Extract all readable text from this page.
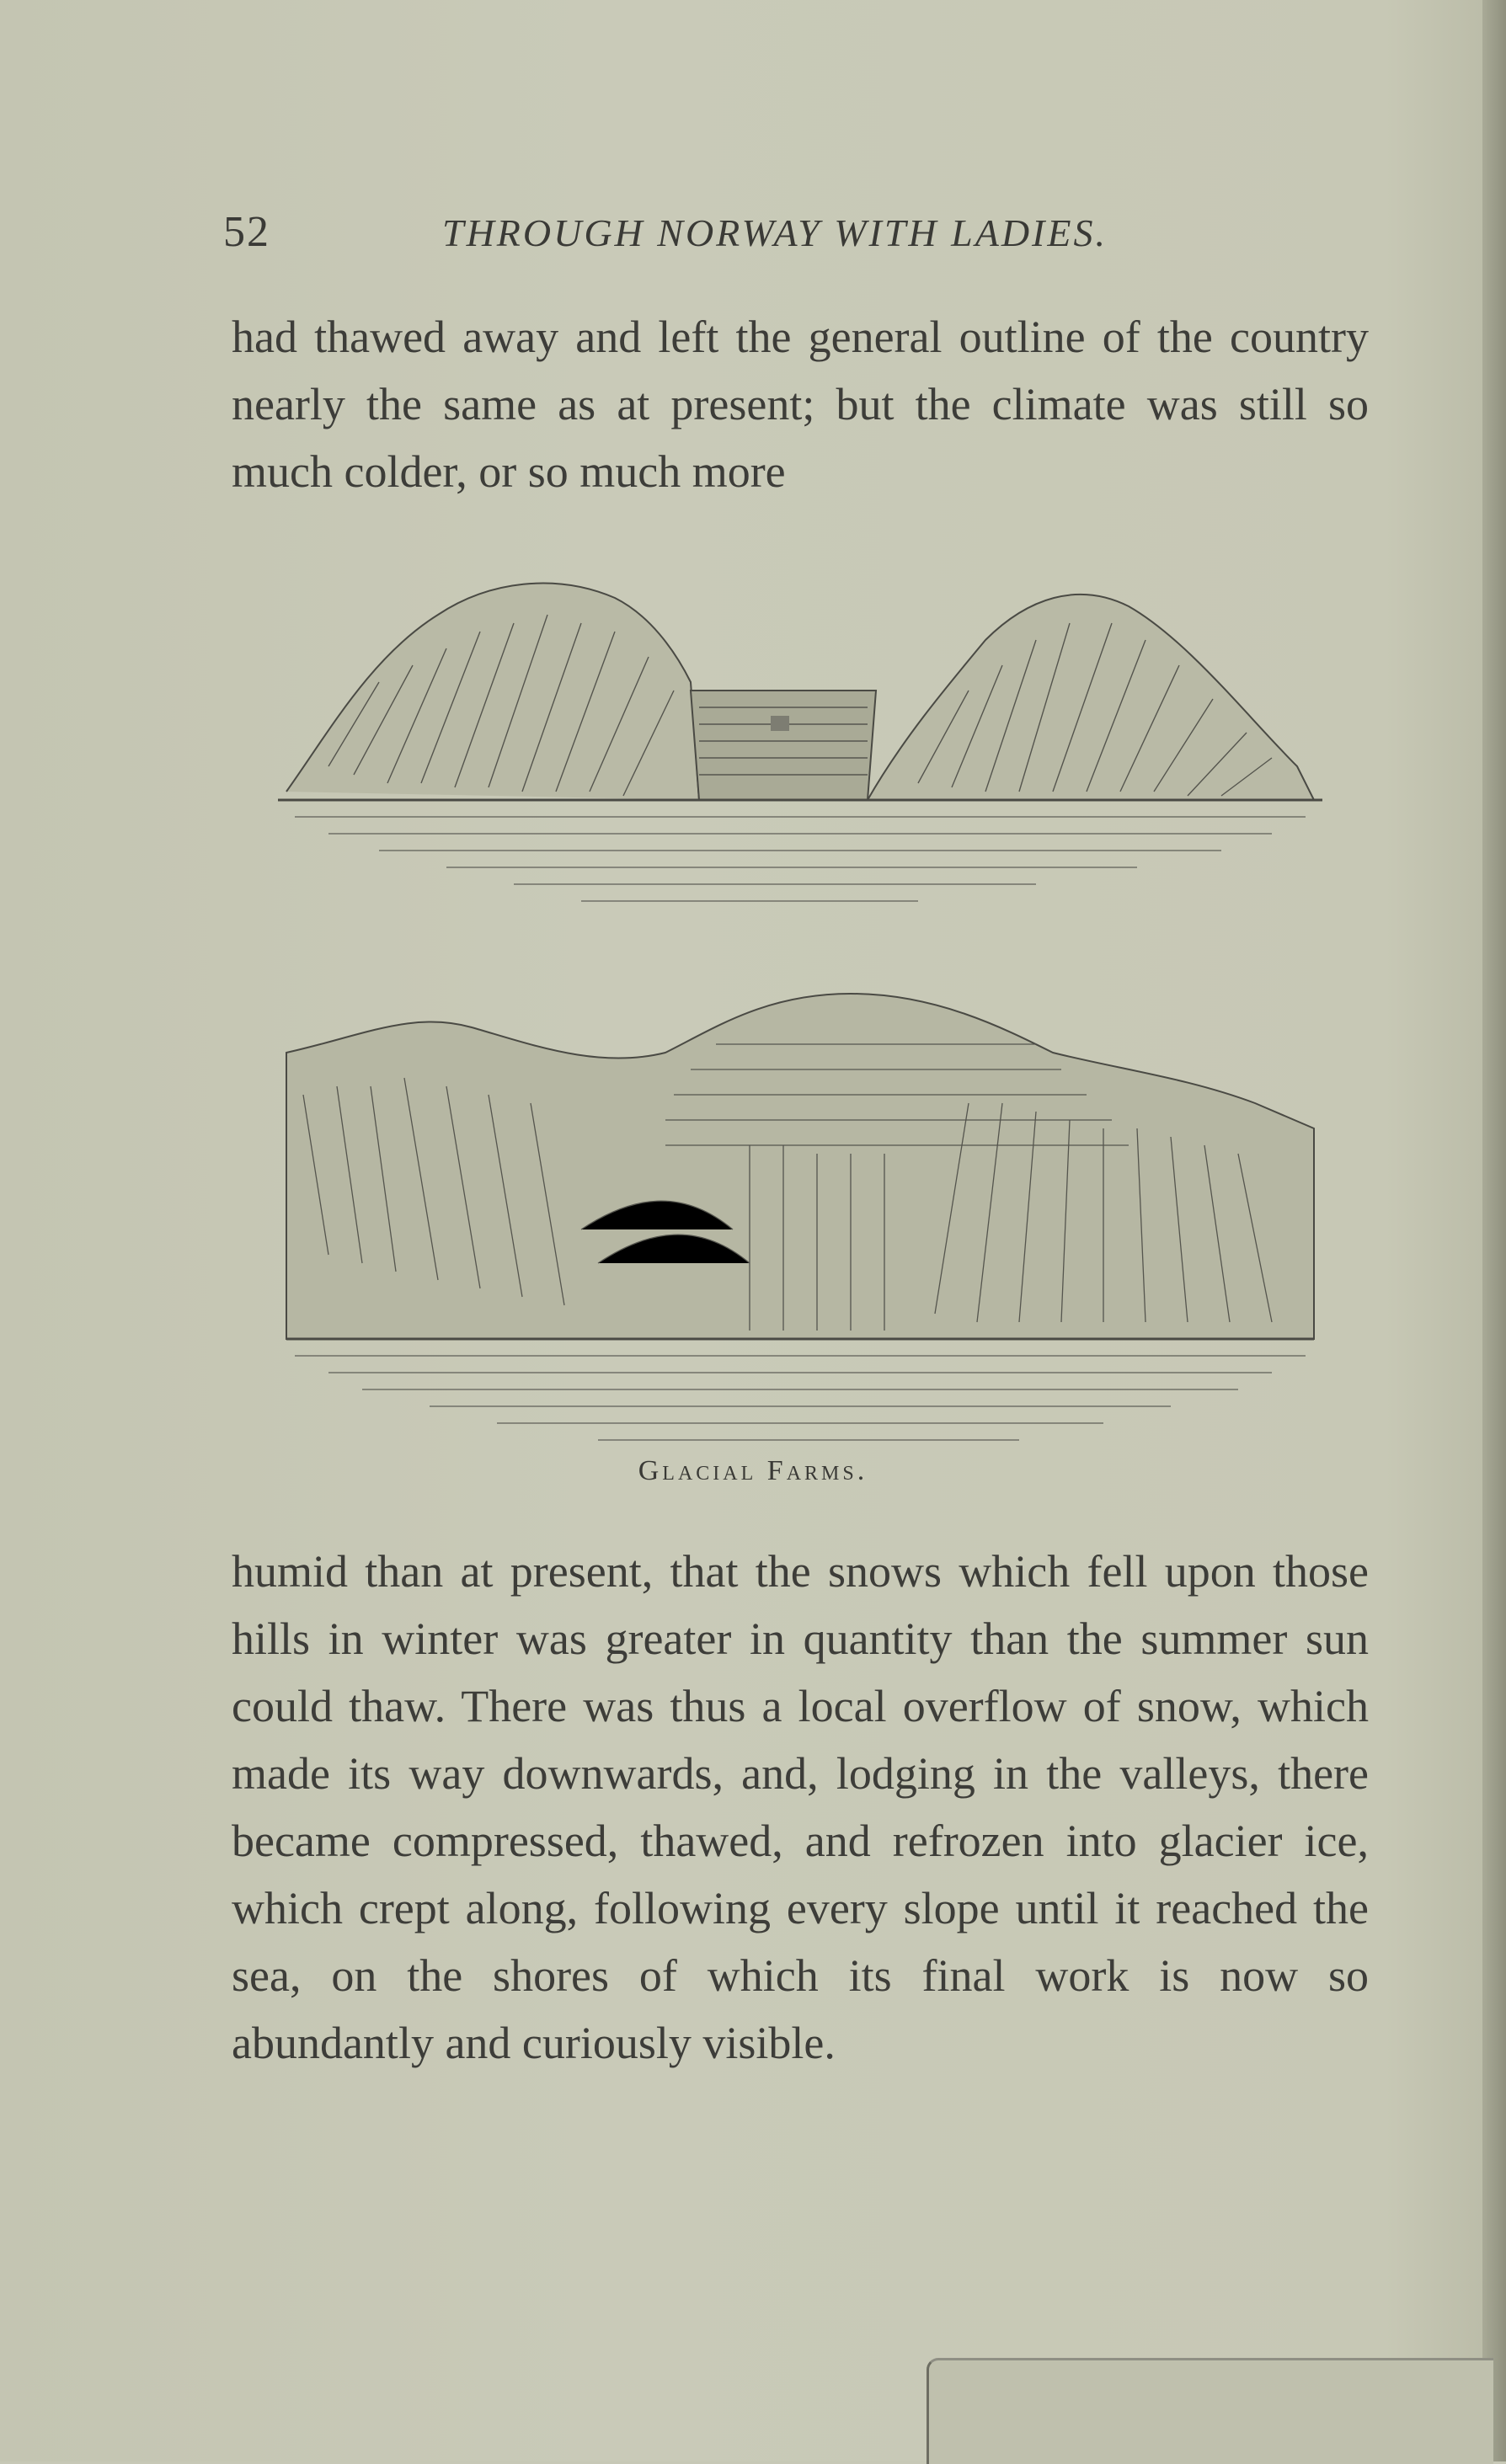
52	THROUGH NORWAY WITH LADIES.

had thawed away and left the general outline of the country nearly the same as at present; but the climate was still so much colder, or so much more

Glacial Farms.

humid than at present, that the snows which fell upon those hills in winter was greater in quantity than the summer sun could thaw. There was thus a local overflow of snow, which made its way downwards, and, lodging in the valleys, there became compressed, thawed, and refrozen into glacier ice, which crept along, following every slope until it reached the sea, on the shores of which its final work is now so abundantly and curiously visible.
